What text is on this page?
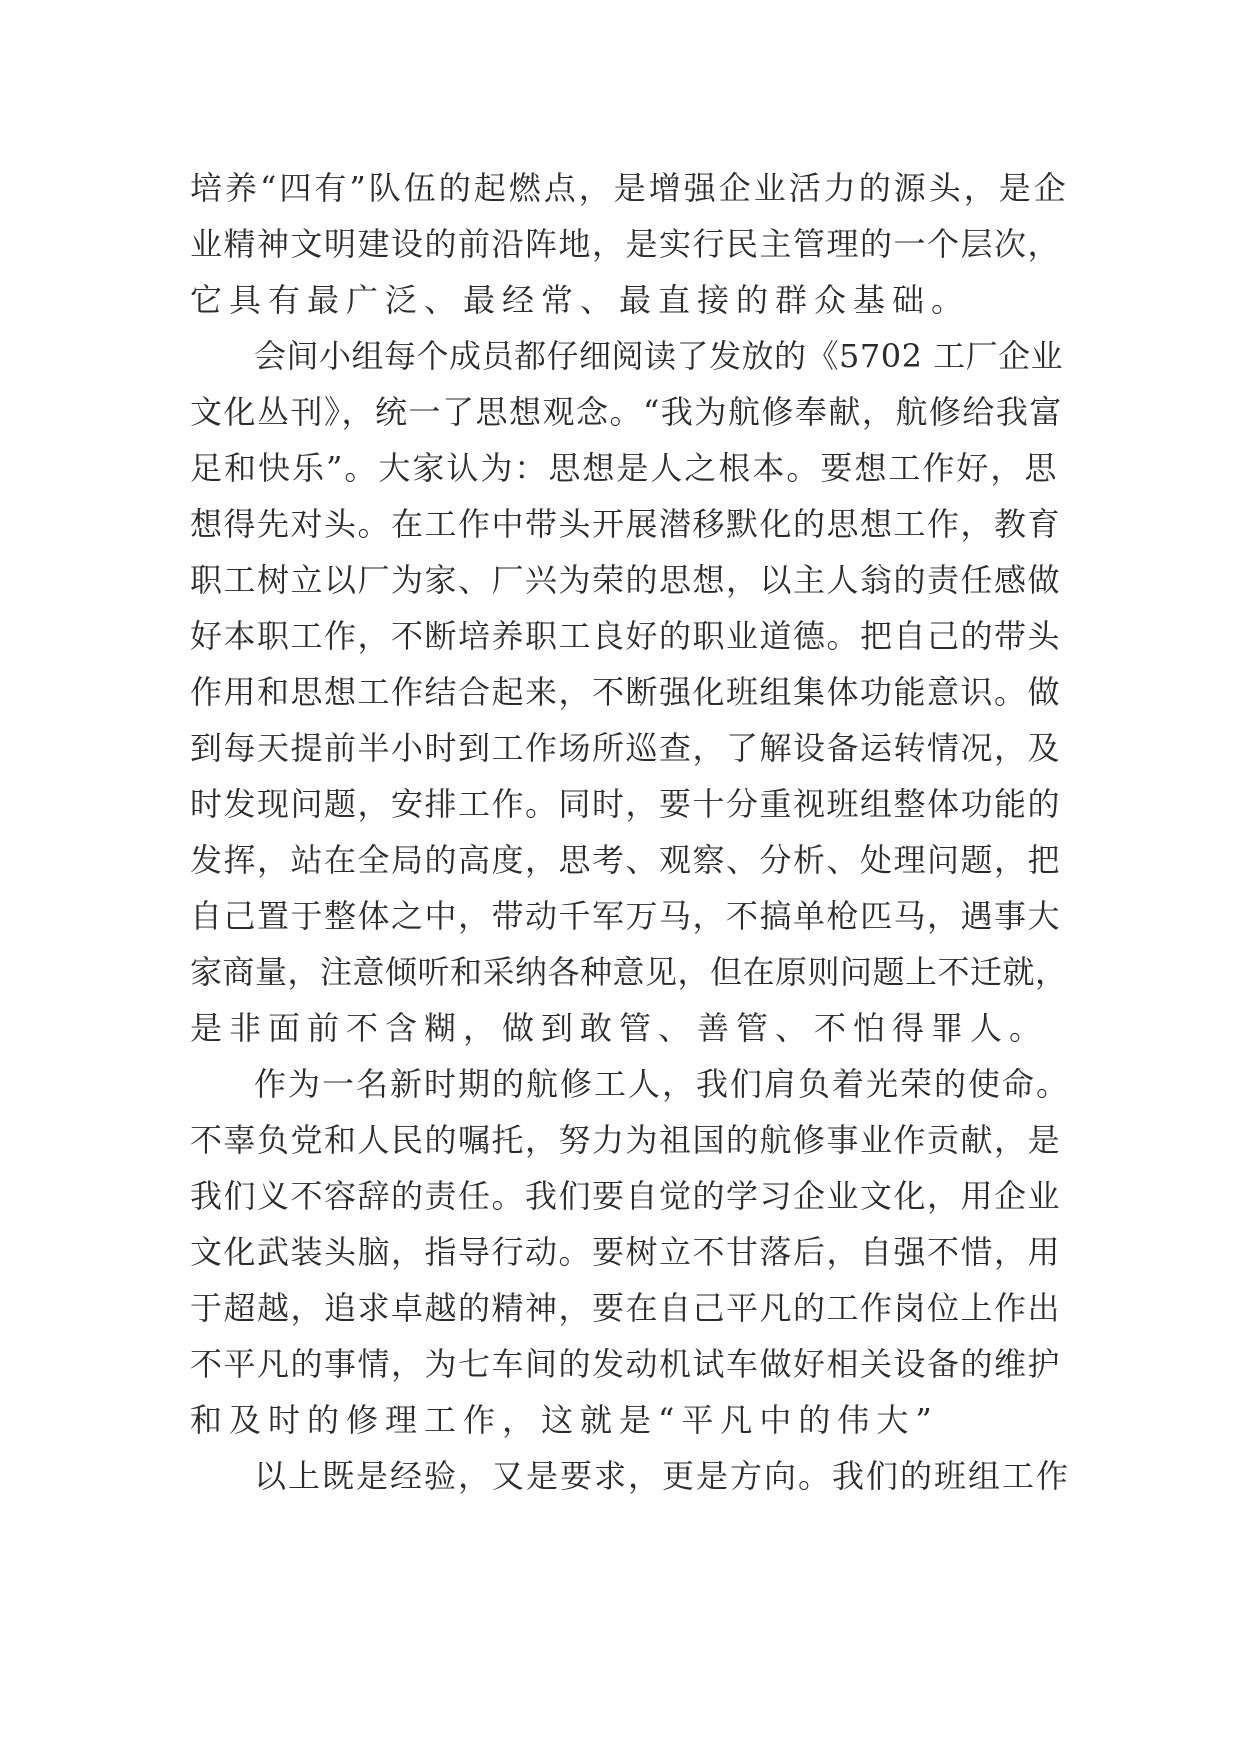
培养“四有”队伍的起燃点，是增强企业活力的源头，是企
业精神文明建设的前沿阵地，是实行民主管理的一个层次，
它具有最广泛、最经常、最直接的群众基础。
会间小组每个成员都仔细阅读了发放的《5702 工厂企业
文化丛刊》，统一了思想观念。“我为航修奉献，航修给我富
足和快乐”。大家认为：思想是人之根本。要想工作好，思
想得先对头。在工作中带头开展潜移默化的思想工作，教育
职工树立以厂为家、厂兴为荣的思想，以主人翁的责任感做
好本职工作，不断培养职工良好的职业道德。把自己的带头
作用和思想工作结合起来，不断强化班组集体功能意识。做
到每天提前半小时到工作场所巡查，了解设备运转情况，及
时发现问题，安排工作。同时，要十分重视班组整体功能的
发挥，站在全局的高度，思考、观察、分析、处理问题，把
自己置于整体之中，带动千军万马，不搞单枪匹马，遇事大
家商量，注意倾听和采纳各种意见，但在原则问题上不迁就，
是非面前不含糊，做到敢管、善管、不怕得罪人。
作为一名新时期的航修工人，我们肩负着光荣的使命。
不辜负党和人民的嘱托，努力为祖国的航修事业作贡献，是
我们义不容辞的责任。我们要自觉的学习企业文化，用企业
文化武装头脑，指导行动。要树立不甘落后，自强不惜，用
于超越，追求卓越的精神，要在自己平凡的工作岗位上作出
不平凡的事情，为七车间的发动机试车做好相关设备的维护
和及时的修理工作，这就是“平凡中的伟大”
以上既是经验，又是要求，更是方向。我们的班组工作
